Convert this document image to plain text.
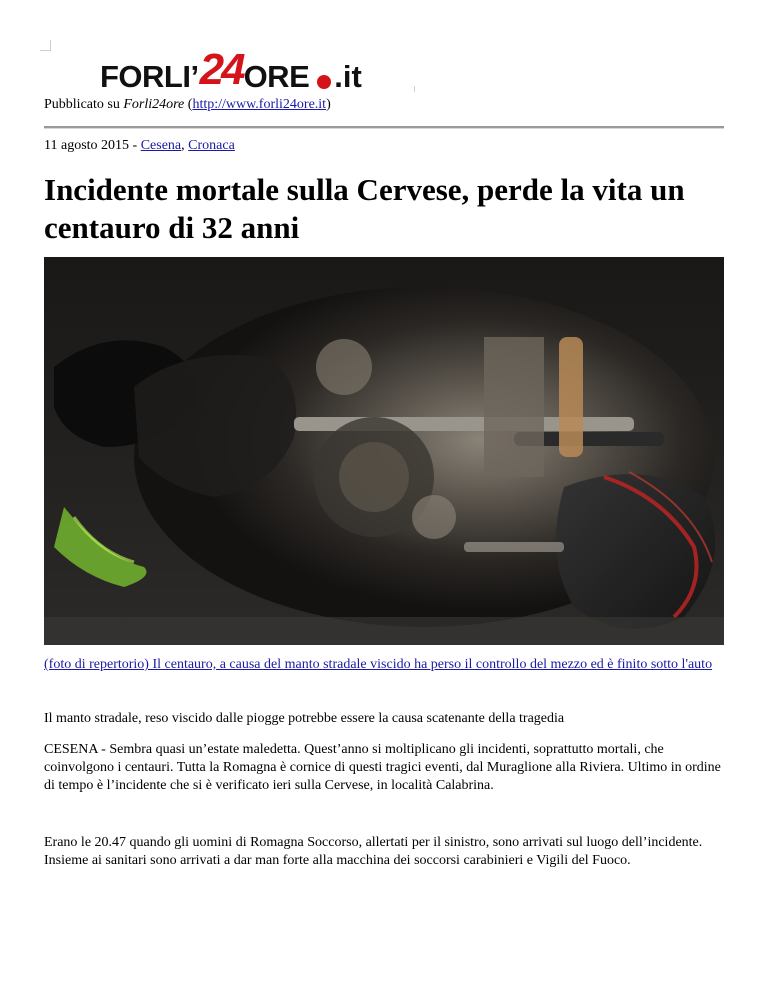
FORLI’ 24 ORE .it
Pubblicato su Forli24ore (http://www.forli24ore.it)
11 agosto 2015 - Cesena, Cronaca
Incidente mortale sulla Cervese, perde la vita un centauro di 32 anni
(foto di repertorio) Il centauro, a causa del manto stradale viscido ha perso il controllo del mezzo ed è finito sotto l'auto

Il manto stradale, reso viscido dalle piogge potrebbe essere la causa scatenante della tragedia

CESENA - Sembra quasi un’estate maledetta. Quest’anno si moltiplicano gli incidenti, soprattutto mortali, che coinvolgono i centauri. Tutta la Romagna è cornice di questi tragici eventi, dal Muraglione alla Riviera. Ultimo in ordine di tempo è l’incidente che si è verificato ieri sulla Cervese, in località Calabrina.

Erano le 20.47 quando gli uomini di Romagna Soccorso, allertati per il sinistro, sono arrivati sul luogo dell’incidente. Insieme ai sanitari sono arrivati a dar man forte alla macchina dei soccorsi carabinieri e Vigili del Fuoco.
